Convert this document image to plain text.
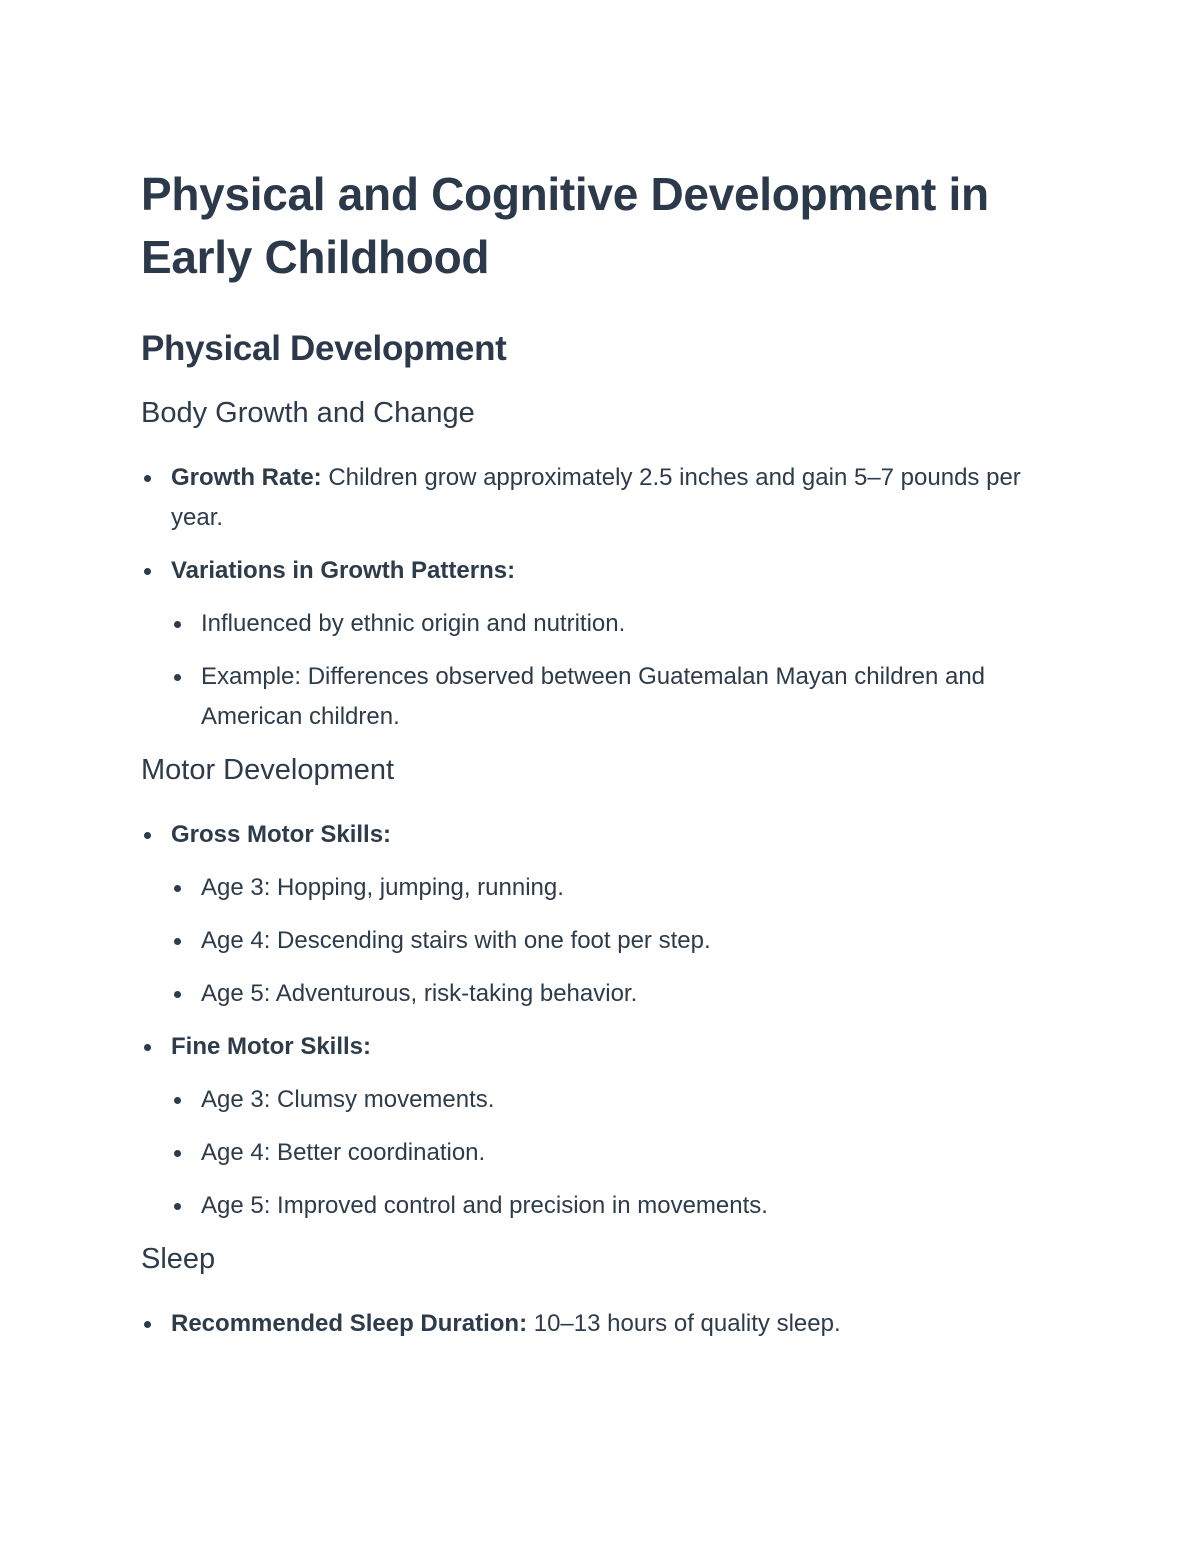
Physical and Cognitive Development in Early Childhood
Physical Development
Body Growth and Change
Growth Rate: Children grow approximately 2.5 inches and gain 5–7 pounds per year.
Variations in Growth Patterns:
Influenced by ethnic origin and nutrition.
Example: Differences observed between Guatemalan Mayan children and American children.
Motor Development
Gross Motor Skills:
Age 3: Hopping, jumping, running.
Age 4: Descending stairs with one foot per step.
Age 5: Adventurous, risk-taking behavior.
Fine Motor Skills:
Age 3: Clumsy movements.
Age 4: Better coordination.
Age 5: Improved control and precision in movements.
Sleep
Recommended Sleep Duration: 10–13 hours of quality sleep.
